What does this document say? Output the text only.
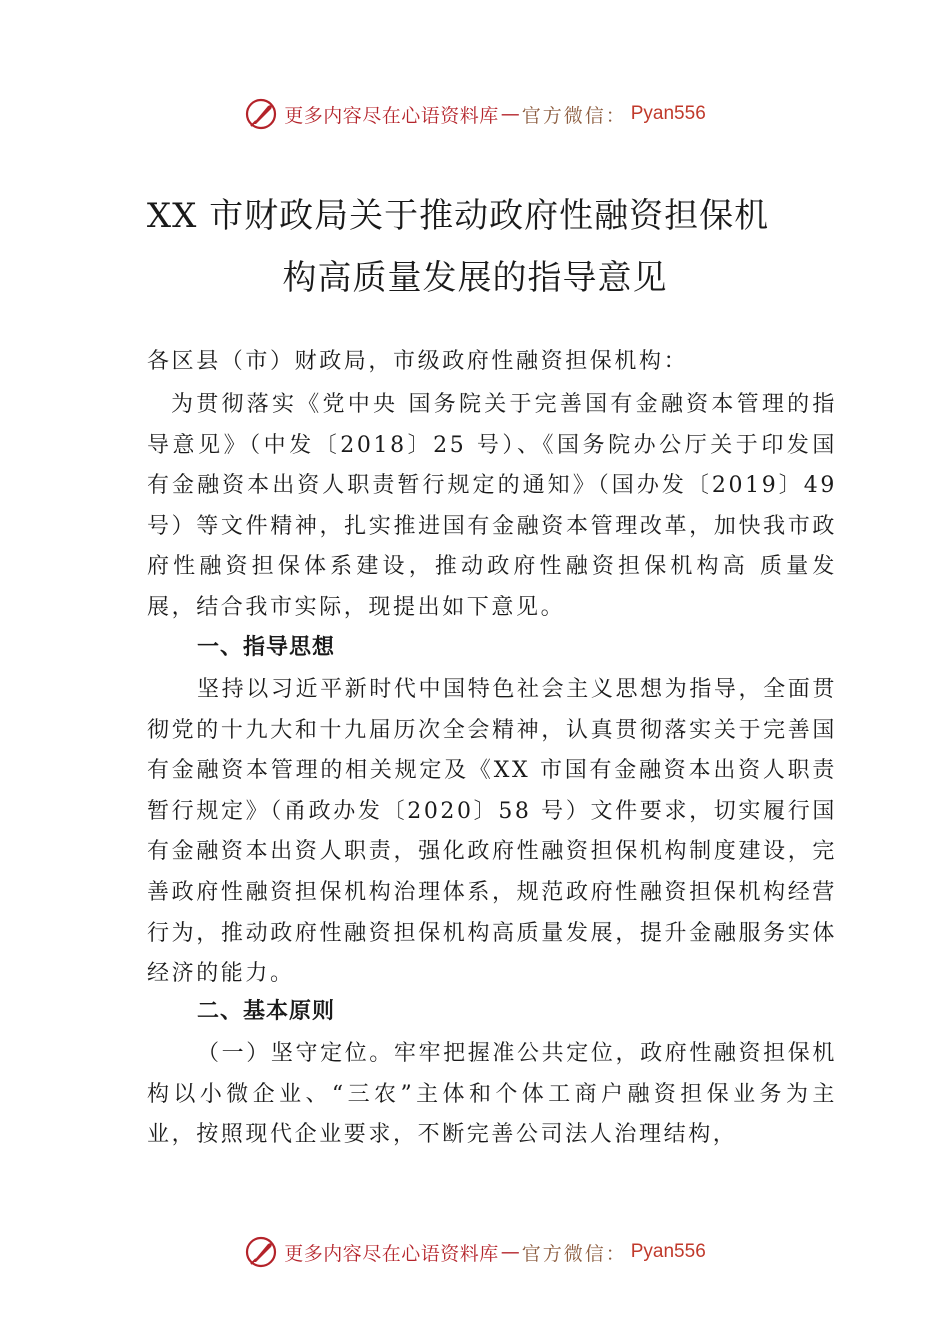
更多内容尽在心语资料库 — 官方微信： Pyan556
XX 市财政局关于推动政府性融资担保机
构高质量发展的指导意见
各区县（市）财政局，市级政府性融资担保机构：
为贯彻落实《党中央 国务院关于完善国有金融资本管理的指导意见》（中发〔2018〕25 号）、《国务院办公厅关于印发国有金融资本出资人职责暂行规定的通知》（国办发〔2019〕49号）等文件精神，扎实推进国有金融资本管理改革，加快我市政府性融资担保体系建设，推动政府性融资担保机构高 质量发展，结合我市实际，现提出如下意见。
一、指导思想
坚持以习近平新时代中国特色社会主义思想为指导，全面贯彻党的十九大和十九届历次全会精神，认真贯彻落实关于完善国有金融资本管理的相关规定及《XX 市国有金融资本出资人职责暂行规定》（甬政办发〔2020〕58 号）文件要求，切实履行国有金融资本出资人职责，强化政府性融资担保机构制度建设，完善政府性融资担保机构治理体系，规范政府性融资担保机构经营行为，推动政府性融资担保机构高质量发展，提升金融服务实体经济的能力。
二、基本原则
（一）坚守定位。牢牢把握准公共定位，政府性融资担保机构以小微企业、“三农”主体和个体工商户融资担保业务为主业，按照现代企业要求，不断完善公司法人治理结构，
更多内容尽在心语资料库 — 官方微信： Pyan556
